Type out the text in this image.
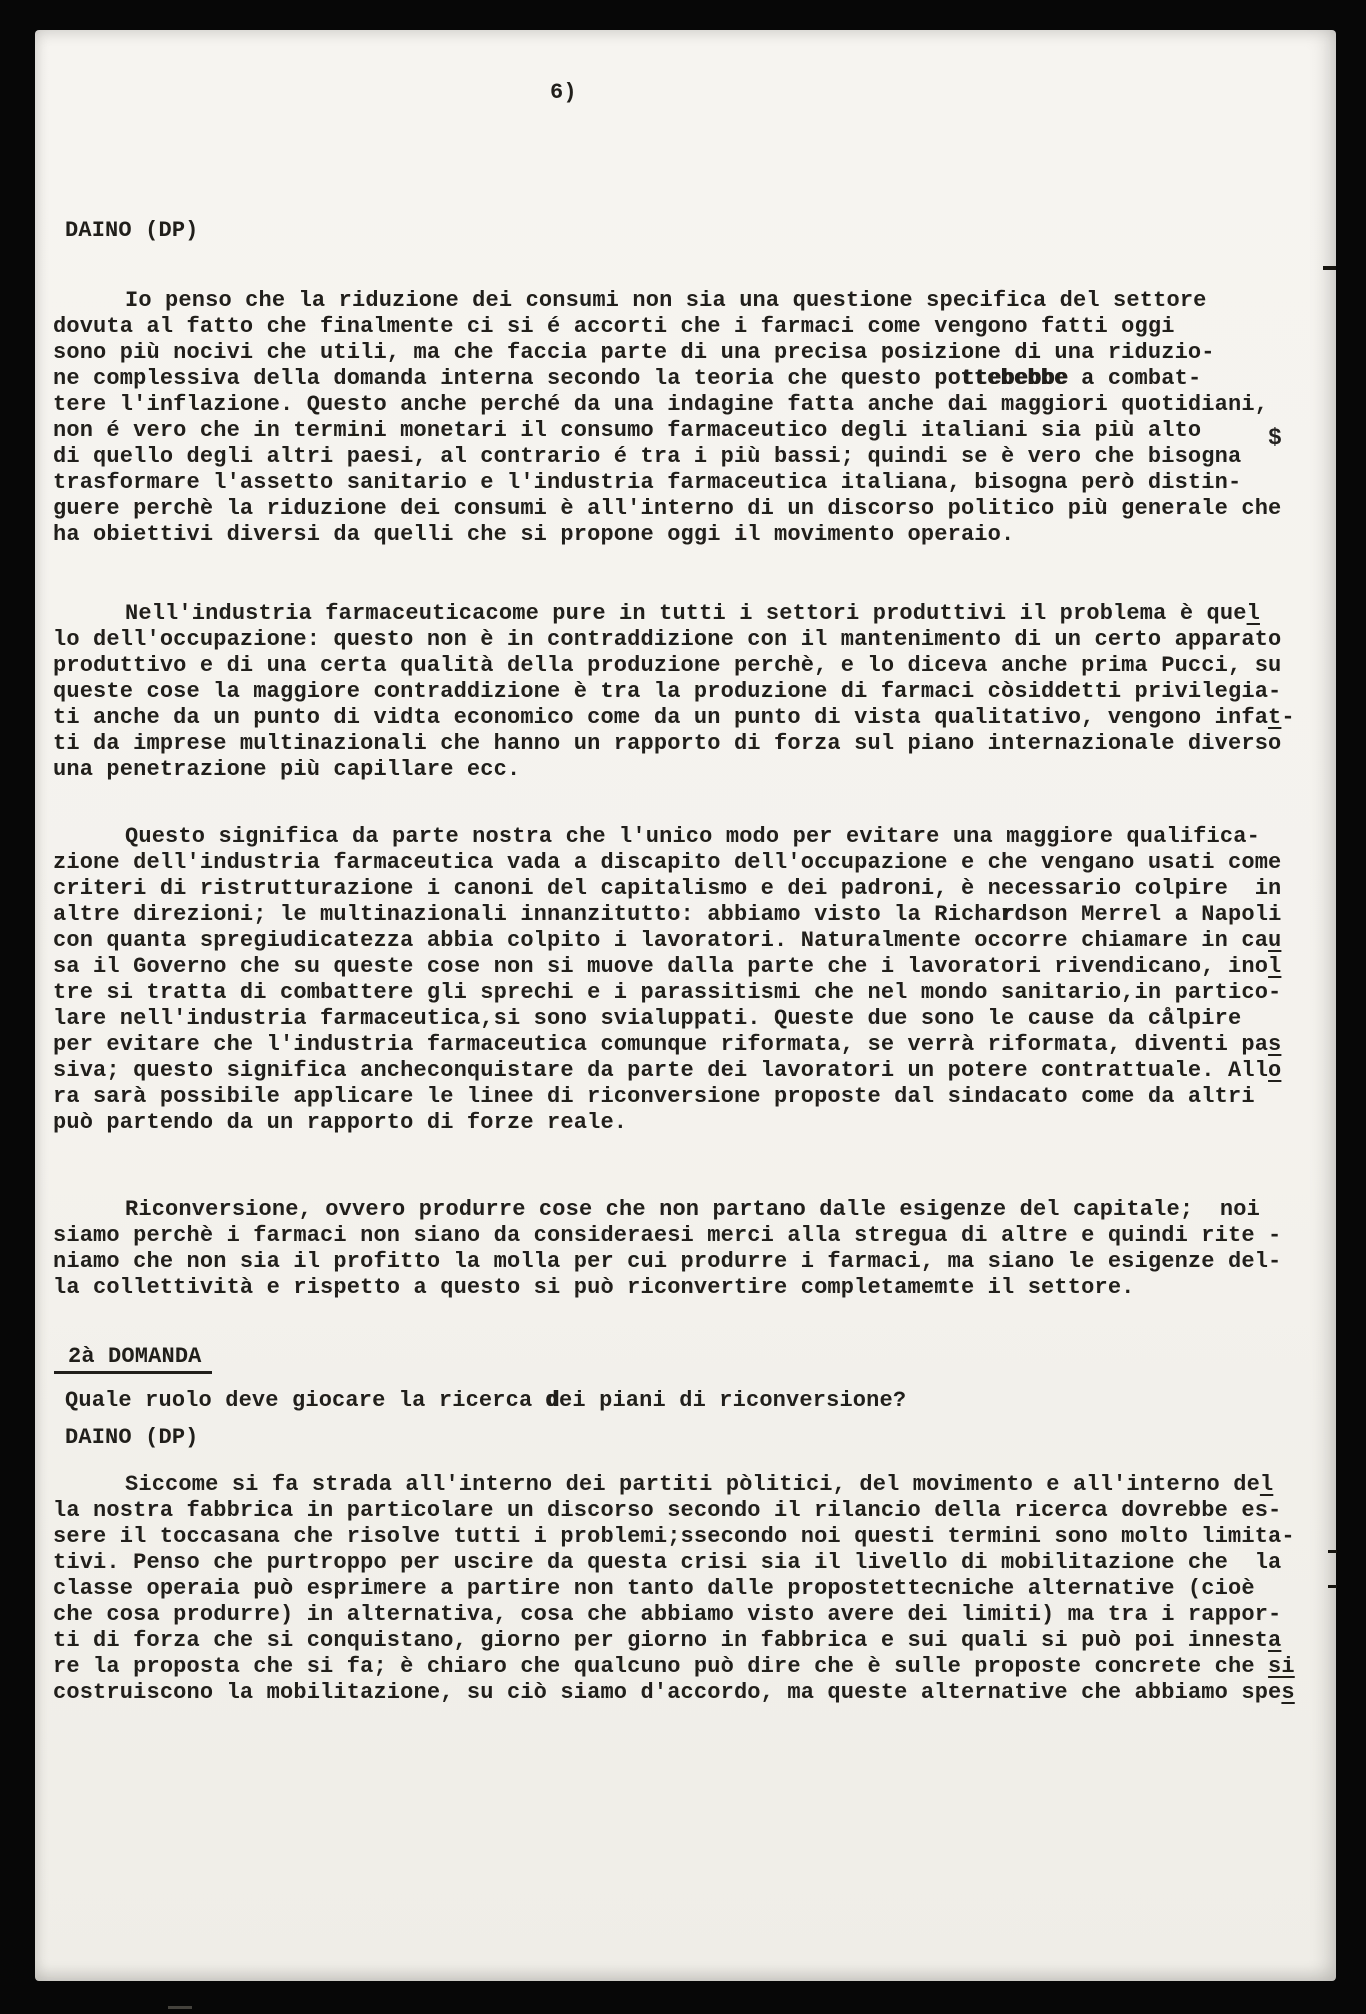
6)
DAINO (DP)
Io penso che la riduzione dei consumi non sia una questione specifica del settore
dovuta al fatto che finalmente ci si é accorti che i farmaci come vengono fatti oggi
sono più nocivi che utili, ma che faccia parte di una precisa posizione di una riduzio-
ne complessiva della domanda interna secondo la teoria che questo pottebebbe a combat-
tere l'inflazione. Questo anche perché da una indagine fatta anche dai maggiori quotidiani,
non é vero che in termini monetari il consumo farmaceutico degli italiani sia più alto
di quello degli altri paesi, al contrario é tra i più bassi; quindi se è vero che bisogna
trasformare l'assetto sanitario e l'industria farmaceutica italiana, bisogna però distin-
guere perchè la riduzione dei consumi è all'interno di un discorso politico più generale che
ha obiettivi diversi da quelli che si propone oggi il movimento operaio.
Nell'industria farmaceuticacome pure in tutti i settori produttivi il problema è quel
lo dell'occupazione: questo non è in contraddizione con il mantenimento di un certo apparato
produttivo e di una certa qualità della produzione perchè, e lo diceva anche prima Pucci, su
queste cose la maggiore contraddizione è tra la produzione di farmaci còsiddetti privilegia-
ti anche da un punto di vidta economico come da un punto di vista qualitativo, vengono infat-
ti da imprese multinazionali che hanno un rapporto di forza sul piano internazionale diverso
una penetrazione più capillare ecc.
Questo significa da parte nostra che l'unico modo per evitare una maggiore qualifica-
zione dell'industria farmaceutica vada a discapito dell'occupazione e che vengano usati come
criteri di ristrutturazione i canoni del capitalismo e dei padroni, è necessario colpire  in
altre direzioni; le multinazionali innanzitutto: abbiamo visto la Richardson Merrel a Napoli
con quanta spregiudicatezza abbia colpito i lavoratori. Naturalmente occorre chiamare in cau
sa il Governo che su queste cose non si muove dalla parte che i lavoratori rivendicano, inol
tre si tratta di combattere gli sprechi e i parassitismi che nel mondo sanitario,in partico-
lare nell'industria farmaceutica,si sono svialuppati. Queste due sono le cause da cålpire
per evitare che l'industria farmaceutica comunque riformata, se verrà riformata, diventi pas
siva; questo significa ancheconquistare da parte dei lavoratori un potere contrattuale. Allo
ra sarà possibile applicare le linee di riconversione proposte dal sindacato come da altri
può partendo da un rapporto di forze reale.
Riconversione, ovvero produrre cose che non partano dalle esigenze del capitale;  noi
siamo perchè i farmaci non siano da consideraesi merci alla stregua di altre e quindi rite -
niamo che non sia il profitto la molla per cui produrre i farmaci, ma siano le esigenze del-
la collettività e rispetto a questo si può riconvertire completamemte il settore.
2à DOMANDA
Quale ruolo deve giocare la ricerca dei piani di riconversione?
DAINO (DP)
Siccome si fa strada all'interno dei partiti pòlitici, del movimento e all'interno del
la nostra fabbrica in particolare un discorso secondo il rilancio della ricerca dovrebbe es-
sere il toccasana che risolve tutti i problemi;ssecondo noi questi termini sono molto limita-
tivi. Penso che purtroppo per uscire da questa crisi sia il livello di mobilitazione che  la
classe operaia può esprimere a partire non tanto dalle propostettecniche alternative (cioè
che cosa produrre) in alternativa, cosa che abbiamo visto avere dei limiti) ma tra i rappor-
ti di forza che si conquistano, giorno per giorno in fabbrica e sui quali si può poi innesta
re la proposta che si fa; è chiaro che qualcuno può dire che è sulle proposte concrete che si
costruiscono la mobilitazione, su ciò siamo d'accordo, ma queste alternative che abbiamo spes
$
